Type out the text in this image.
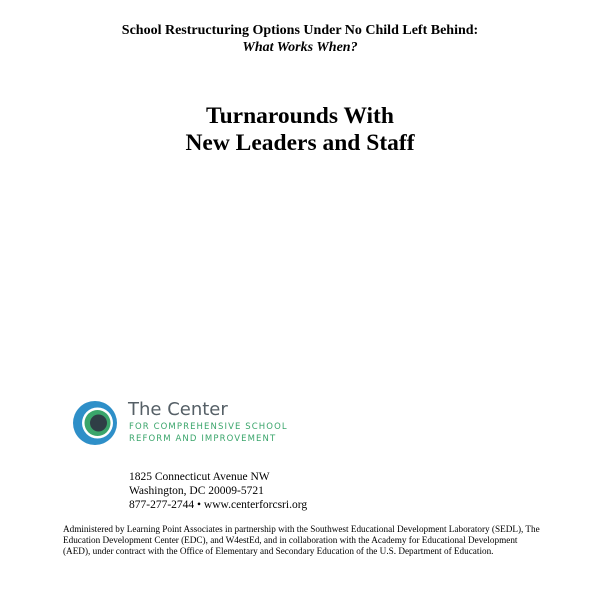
School Restructuring Options Under No Child Left Behind:
What Works When?
Turnarounds With
New Leaders and Staff
The Center
FOR COMPREHENSIVE SCHOOL
REFORM AND IMPROVEMENT
1825 Connecticut Avenue NW
Washington, DC 20009-5721
877-277-2744 • www.centerforcsri.org
Administered by Learning Point Associates in partnership with the Southwest Educational Development Laboratory (SEDL), The Education Development Center (EDC), and W4estEd, and in collaboration with the Academy for Educational Development (AED), under contract with the Office of Elementary and Secondary Education of the U.S. Department of Education.
